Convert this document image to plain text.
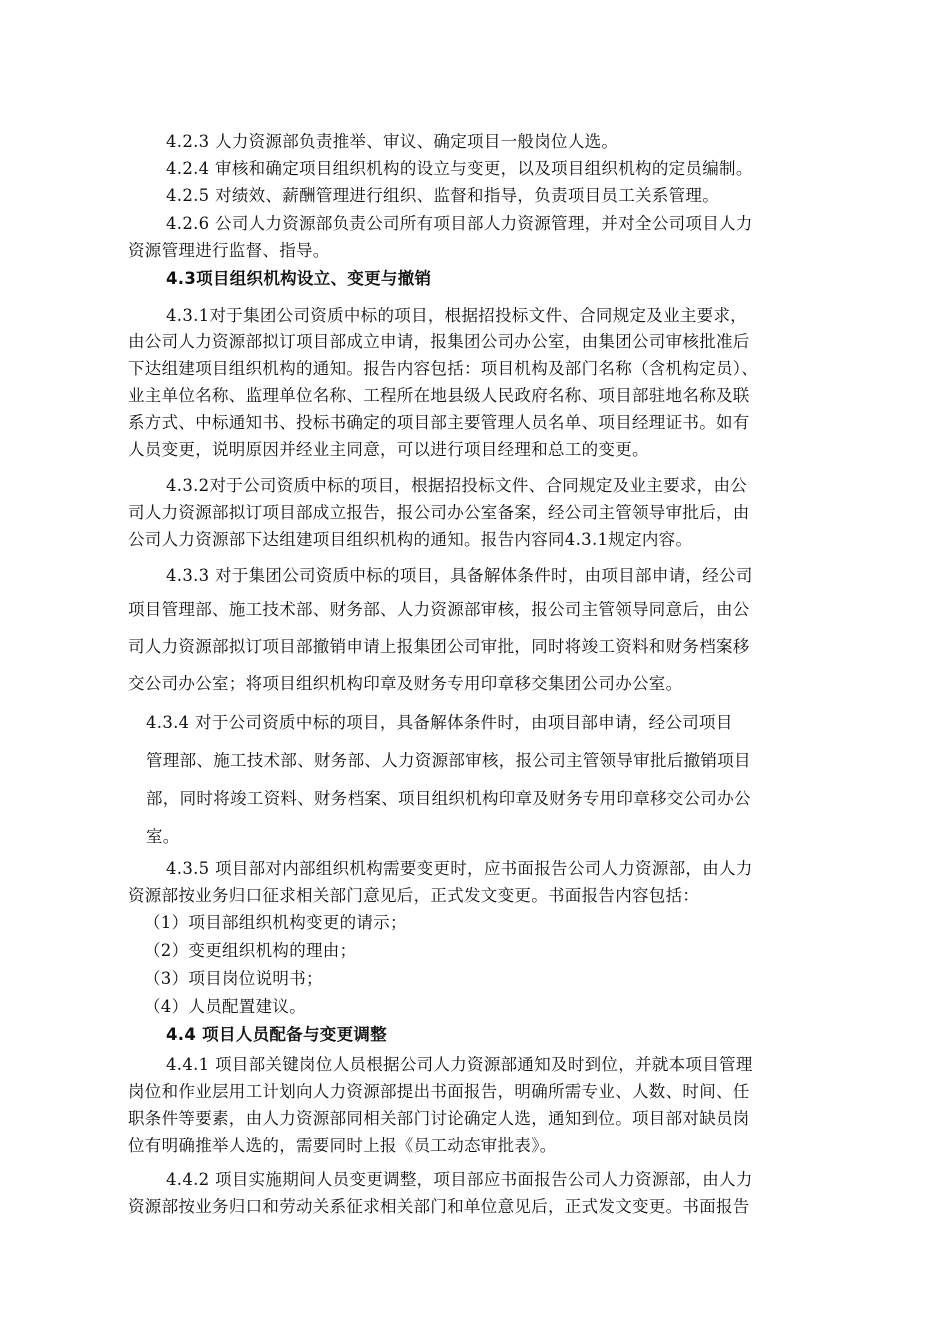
4.2.3 人力资源部负责推举、审议、确定项目一般岗位人选。
4.2.4 审核和确定项目组织机构的设立与变更，以及项目组织机构的定员编制。
4.2.5 对绩效、薪酬管理进行组织、监督和指导，负责项目员工关系管理。
4.2.6 公司人力资源部负责公司所有项目部人力资源管理，并对全公司项目人力
资源管理进行监督、指导。
4.3项目组织机构设立、变更与撤销
4.3.1对于集团公司资质中标的项目，根据招投标文件、合同规定及业主要求，
由公司人力资源部拟订项目部成立申请，报集团公司办公室，由集团公司审核批准后
下达组建项目组织机构的通知。报告内容包括：项目机构及部门名称（含机构定员）、
业主单位名称、监理单位名称、工程所在地县级人民政府名称、项目部驻地名称及联
系方式、中标通知书、投标书确定的项目部主要管理人员名单、项目经理证书。如有
人员变更，说明原因并经业主同意，可以进行项目经理和总工的变更。
4.3.2对于公司资质中标的项目，根据招投标文件、合同规定及业主要求，由公
司人力资源部拟订项目部成立报告，报公司办公室备案，经公司主管领导审批后，由
公司人力资源部下达组建项目组织机构的通知。报告内容同4.3.1规定内容。
4.3.3 对于集团公司资质中标的项目，具备解体条件时，由项目部申请，经公司
项目管理部、施工技术部、财务部、人力资源部审核，报公司主管领导同意后，由公
司人力资源部拟订项目部撤销申请上报集团公司审批，同时将竣工资料和财务档案移
交公司办公室；将项目组织机构印章及财务专用印章移交集团公司办公室。
4.3.4 对于公司资质中标的项目，具备解体条件时，由项目部申请，经公司项目
管理部、施工技术部、财务部、人力资源部审核，报公司主管领导审批后撤销项目
部，同时将竣工资料、财务档案、项目组织机构印章及财务专用印章移交公司办公
室。
4.3.5 项目部对内部组织机构需要变更时，应书面报告公司人力资源部，由人力
资源部按业务归口征求相关部门意见后，正式发文变更。书面报告内容包括：
（1）项目部组织机构变更的请示；
（2）变更组织机构的理由；
（3）项目岗位说明书；
（4）人员配置建议。
4.4 项目人员配备与变更调整
4.4.1 项目部关键岗位人员根据公司人力资源部通知及时到位，并就本项目管理
岗位和作业层用工计划向人力资源部提出书面报告，明确所需专业、人数、时间、任
职条件等要素，由人力资源部同相关部门讨论确定人选，通知到位。项目部对缺员岗
位有明确推举人选的，需要同时上报《员工动态审批表》。
4.4.2 项目实施期间人员变更调整，项目部应书面报告公司人力资源部，由人力
资源部按业务归口和劳动关系征求相关部门和单位意见后，正式发文变更。书面报告
